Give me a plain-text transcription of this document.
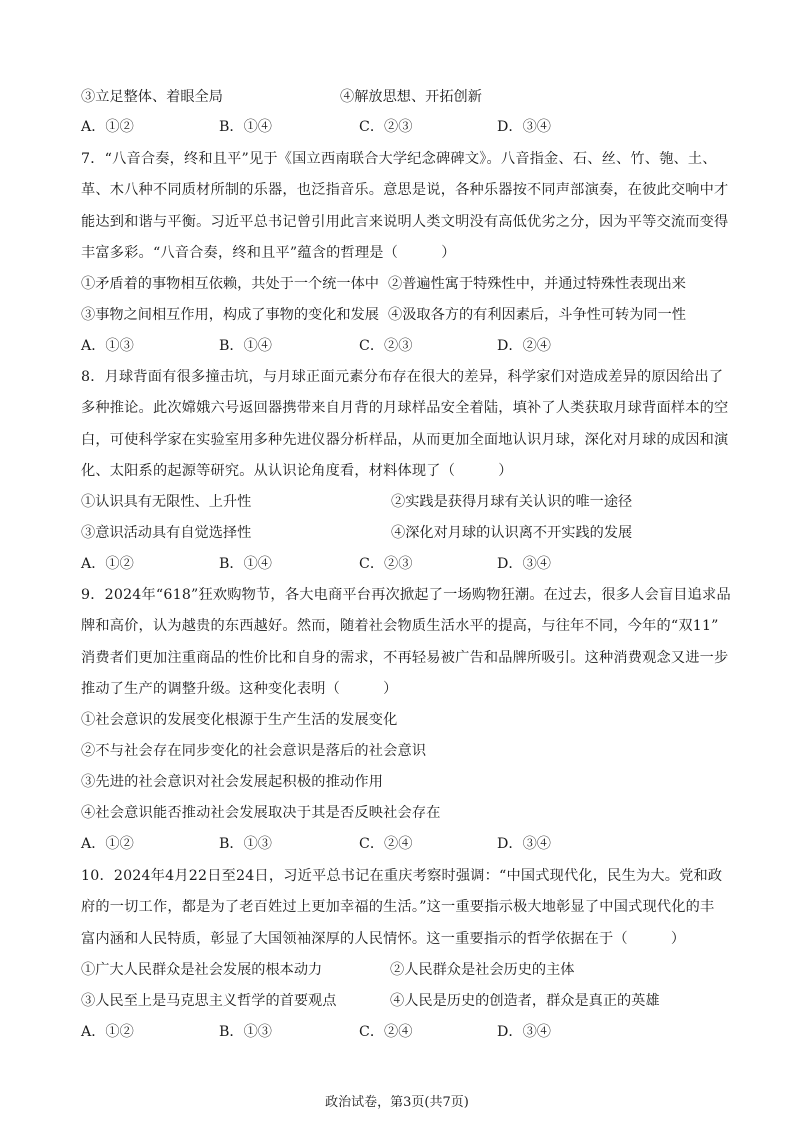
③立足整体、着眼全局	④解放思想、开拓创新
A．①②	B．①④	C．②③	D．③④
7．“八音合奏，终和且平”见于《国立西南联合大学纪念碑碑文》。八音指金、石、丝、竹、匏、土、
革、木八种不同质材所制的乐器，也泛指音乐。意思是说，各种乐器按不同声部演奏，在彼此交响中才
能达到和谐与平衡。习近平总书记曾引用此言来说明人类文明没有高低优劣之分，因为平等交流而变得
丰富多彩。“八音合奏，终和且平”蕴含的哲理是（　　　）
①矛盾着的事物相互依赖，共处于一个统一体中 ②普遍性寓于特殊性中，并通过特殊性表现出来
③事物之间相互作用，构成了事物的变化和发展 ④汲取各方的有利因素后，斗争性可转为同一性
A．①③	B．①④	C．②③	D．②④
8．月球背面有很多撞击坑，与月球正面元素分布存在很大的差异，科学家们对造成差异的原因给出了
多种推论。此次嫦娥六号返回器携带来自月背的月球样品安全着陆，填补了人类获取月球背面样本的空
白，可使科学家在实验室用多种先进仪器分析样品，从而更加全面地认识月球，深化对月球的成因和演
化、太阳系的起源等研究。从认识论角度看，材料体现了（　　　）
①认识具有无限性、上升性	②实践是获得月球有关认识的唯一途径
③意识活动具有自觉选择性	④深化对月球的认识离不开实践的发展
A．①②	B．①④	C．②③	D．③④
9．2024年“618”狂欢购物节，各大电商平台再次掀起了一场购物狂潮。在过去，很多人会盲目追求品
牌和高价，认为越贵的东西越好。然而，随着社会物质生活水平的提高，与往年不同，今年的“双11”
消费者们更加注重商品的性价比和自身的需求，不再轻易被广告和品牌所吸引。这种消费观念又进一步
推动了生产的调整升级。这种变化表明（　　　）
①社会意识的发展变化根源于生产生活的发展变化
②不与社会存在同步变化的社会意识是落后的社会意识
③先进的社会意识对社会发展起积极的推动作用
④社会意识能否推动社会发展取决于其是否反映社会存在
A．①②	B．①③	C．②④	D．③④
10．2024年4月22日至24日，习近平总书记在重庆考察时强调：“中国式现代化，民生为大。党和政
府的一切工作，都是为了老百姓过上更加幸福的生活。”这一重要指示极大地彰显了中国式现代化的丰
富内涵和人民特质，彰显了大国领袖深厚的人民情怀。这一重要指示的哲学依据在于（　　　）
①广大人民群众是社会发展的根本动力	②人民群众是社会历史的主体
③人民至上是马克思主义哲学的首要观点	④人民是历史的创造者，群众是真正的英雄
A．①②	B．①③	C．②④	D．③④
政治试卷，第3页(共7页)
